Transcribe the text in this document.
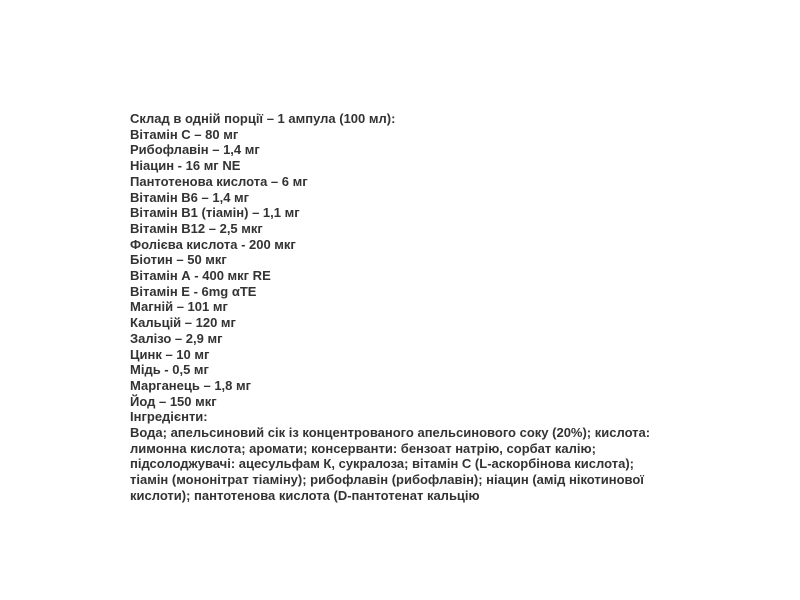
Склад в одній порції – 1 ампула (100 мл):
Вітамін С – 80 мг
Рибофлавін – 1,4 мг
Ніацин - 16 мг NE
Пантотенова кислота – 6 мг
Вітамін В6 – 1,4 мг
Вітамін В1 (тіамін) – 1,1 мг
Вітамін В12 – 2,5 мкг
Фолієва кислота - 200 мкг
Біотин – 50 мкг
Вітамін А - 400 мкг RE
Вітамін Е - 6mg αTE
Магній – 101 мг
Кальцій – 120 мг
Залізо – 2,9 мг
Цинк – 10 мг
Мідь - 0,5 мг
Марганець – 1,8 мг
Йод – 150 мкг
Інгредієнти:
Вода; апельсиновий сік із концентрованого апельсинового соку (20%); кислота:
лимонна кислота; аромати; консерванти: бензоат натрію, сорбат калію;
підсолоджувачі: ацесульфам К, сукралоза; вітамін С (L-аскорбінова кислота);
тіамін (мононітрат тіаміну); рибофлавін (рибофлавін); ніацин (амід нікотинової
кислоти); пантотенова кислота (D-пантотенат кальцію
